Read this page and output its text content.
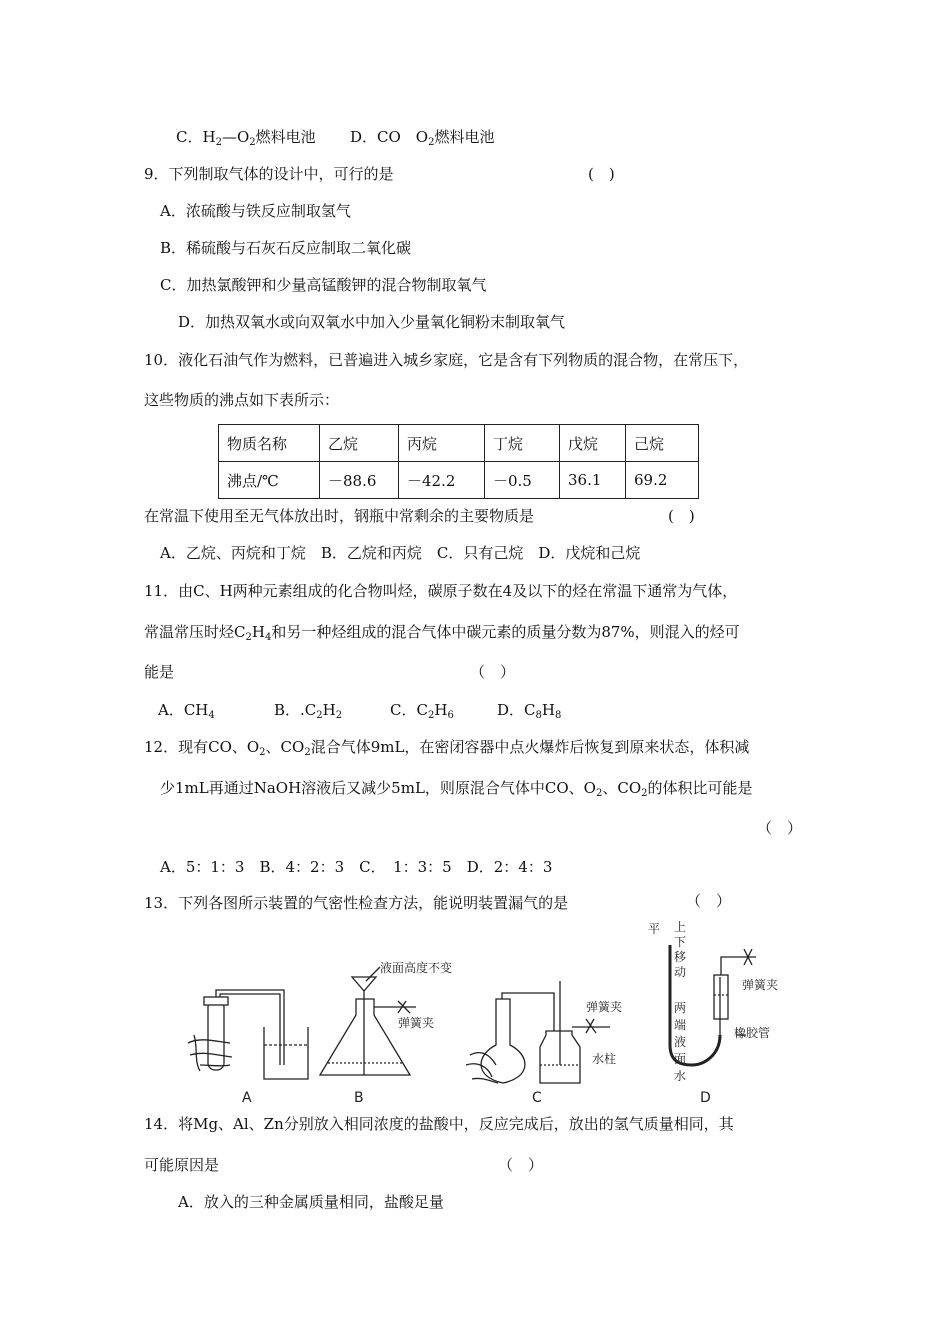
C．$H_2—O_2$燃料电池 D．CO　$O_2$燃料电池
9．下列制取气体的设计中，可行的是	(　)
A．浓硫酸与铁反应制取氢气
B．稀硫酸与石灰石反应制取二氧化碳
C．加热氯酸钾和少量高锰酸钾的混合物制取氧气
D．加热双氧水或向双氧水中加入少量氧化铜粉末制取氧气
10．液化石油气作为燃料，已普遍进入城乡家庭，它是含有下列物质的混合物，在常压下，
这些物质的沸点如下表所示：
物质名称	乙烷	丙烷	丁烷	戊烷	己烷
沸点/℃	－88.6	－42.2	－0.5	36.1	69.2
在常温下使用至无气体放出时，钢瓶中常剩余的主要物质是	(　)
A．乙烷、丙烷和丁烷　B．乙烷和丙烷　C．只有己烷　D．戊烷和己烷
11．由C、H两种元素组成的化合物叫烃，碳原子数在4及以下的烃在常温下通常为气体，
常温常压时烃$C_2H_4$和另一种烃组成的混合气体中碳元素的质量分数为87%，则混入的烃可
能是	（　）
A．$CH_4$	B．$.C_2H_2$	C．$C_2H_6$	D．$C_8H_8$
12．现有CO、$O_2$、$CO_2$混合气体9mL，在密闭容器中点火爆炸后恢复到原来状态，体积减
少1mL再通过NaOH溶液后又减少5mL，则原混合气体中CO、$O_2$、$CO_2$的体积比可能是
（　）
A．5：1：3　B．4：2：3　C．　1：3：5　D．2：4：3
13．下列各图所示装置的气密性检查方法，能说明装置漏气的是	（　）
A
液面高度不变
弹簧夹
B
弹簧夹
水柱
C
平 上
下
移
动
两
端
液
面
水
弹簧夹
橡胶管
D
14．将Mg、Al、Zn分别放入相同浓度的盐酸中，反应完成后，放出的氢气质量相同，其
可能原因是	（　）
A．放入的三种金属质量相同，盐酸足量
